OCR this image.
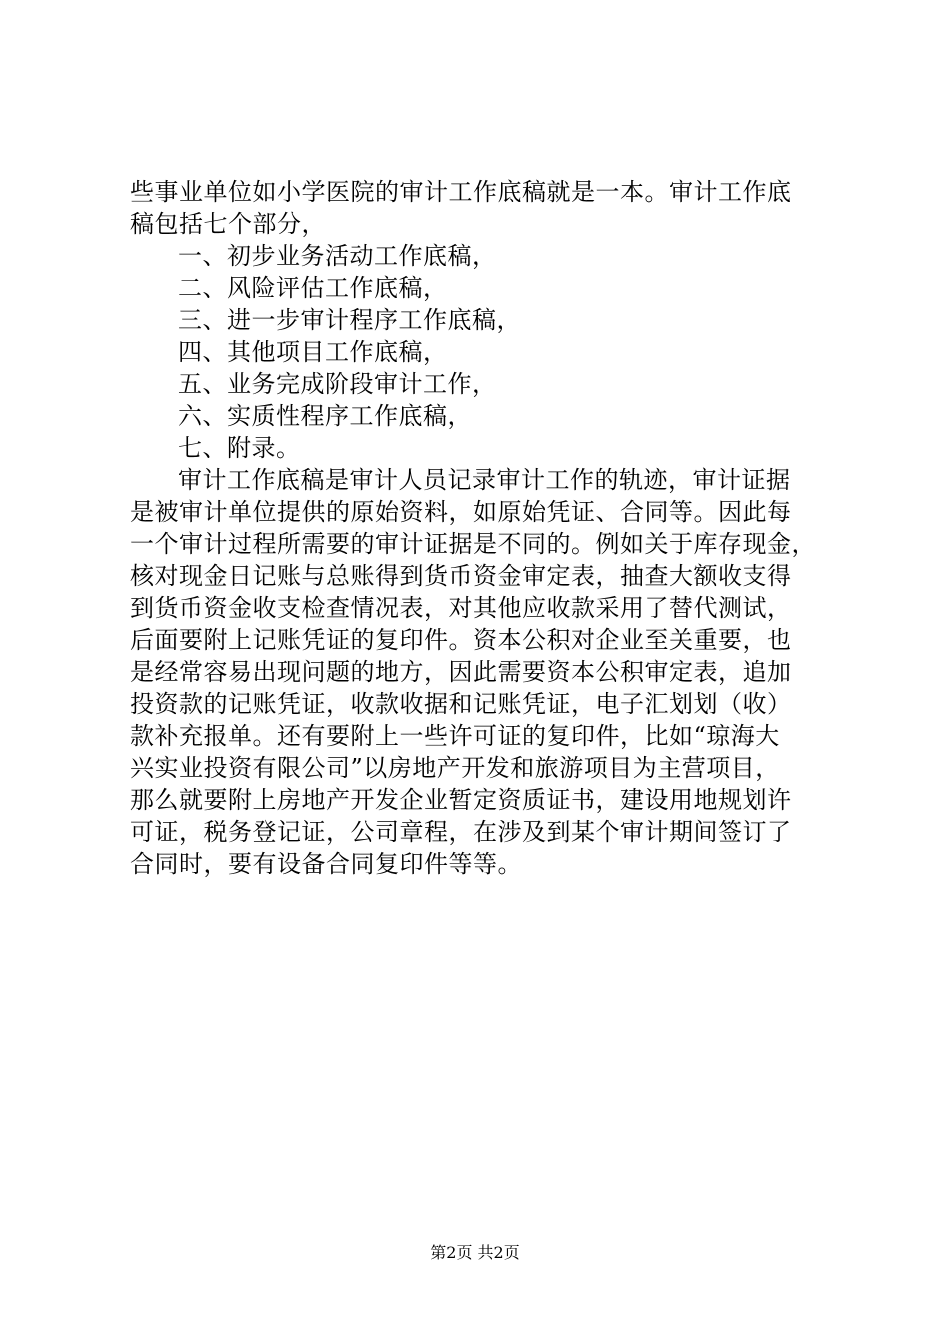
些事业单位如小学医院的审计工作底稿就是一本。审计工作底
稿包括七个部分，
一、初步业务活动工作底稿，
二、风险评估工作底稿，
三、进一步审计程序工作底稿，
四、其他项目工作底稿，
五、业务完成阶段审计工作，
六、实质性程序工作底稿，
七、附录。
审计工作底稿是审计人员记录审计工作的轨迹，审计证据
是被审计单位提供的原始资料，如原始凭证、合同等。因此每
一个审计过程所需要的审计证据是不同的。例如关于库存现金，
核对现金日记账与总账得到货币资金审定表，抽查大额收支得
到货币资金收支检查情况表，对其他应收款采用了替代测试，
后面要附上记账凭证的复印件。资本公积对企业至关重要，也
是经常容易出现问题的地方，因此需要资本公积审定表，追加
投资款的记账凭证，收款收据和记账凭证，电子汇划划（收）
款补充报单。还有要附上一些许可证的复印件，比如“琼海大
兴实业投资有限公司”以房地产开发和旅游项目为主营项目，
那么就要附上房地产开发企业暂定资质证书，建设用地规划许
可证，税务登记证，公司章程，在涉及到某个审计期间签订了
合同时，要有设备合同复印件等等。
第2页 共2页
